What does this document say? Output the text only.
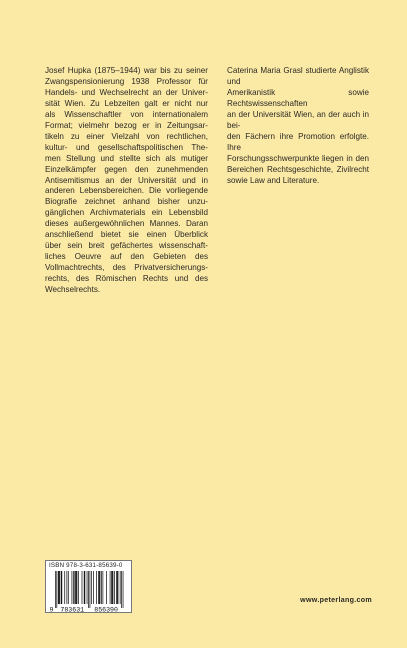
Josef Hupka (1875–1944) war bis zu seiner

Zwangspensionierung 1938 Professor für

Handels- und Wechselrecht an der Univer-

sität Wien. Zu Lebzeiten galt er nicht nur

als Wissenschaftler von internationalem

Format; vielmehr bezog er in Zeitungsar-

tikeln zu einer Vielzahl von rechtlichen,

kultur- und gesellschaftspolitischen The-

men Stellung und stellte sich als mutiger

Einzelkämpfer gegen den zunehmenden

Antisemitismus an der Universität und in

anderen Lebensbereichen. Die vorliegende

Biografie zeichnet anhand bisher unzu-

gänglichen Archivmaterials ein Lebensbild

dieses außergewöhnlichen Mannes. Daran

anschließend bietet sie einen Überblick

über sein breit gefächertes wissenschaft-

liches Oeuvre auf den Gebieten des

Vollmachtrechts, des Privatversicherungs-

rechts, des Römischen Rechts und des

Wechselrechts.

Caterina Maria Grasl studierte Anglistik und

Amerikanistik sowie Rechtswissenschaften

an der Universität Wien, an der auch in bei-

den Fächern ihre Promotion erfolgte. Ihre

Forschungsschwerpunkte liegen in den

Bereichen Rechtsgeschichte, Zivilrecht

sowie Law and Literature.

ISBN 978-3-631-85639-0
9 783631 856390
www.peterlang.com
